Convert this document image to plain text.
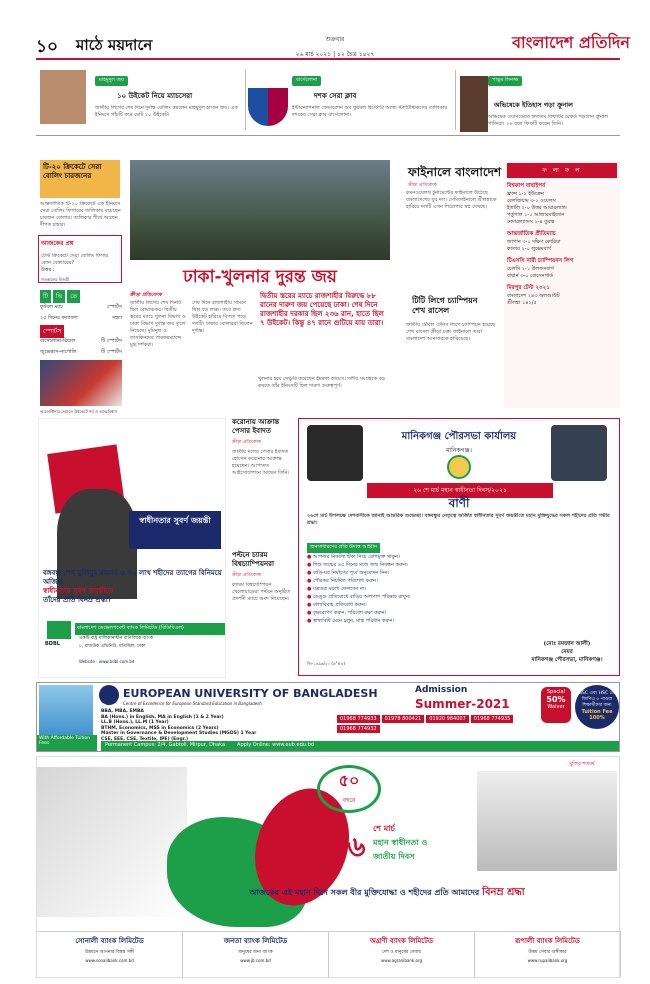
১০ মাঠে ময়দানে	শুক্রবার
২৬ মার্চ ২০২১ | ১২ চৈত্র ১৪২৭
বাংলাদেশ প্রতিদিন
মাহমুদুল জয়
১০ উইকেট নিয়ে ম্যাচসেরা
জাতীয় লিগের শেষ দিনে দুর্দান্ত বোলিং করলেন মাহমুদুল হাসান জয়। এক ইনিংসে পাঁচটি করে মোট ১০ উইকেট।
বার্সেলোনা
দশক সেরা ক্লাব
ইন্টারন্যাশনাল ফেডারেশন অব ফুটবল হিস্টোরি অ্যান্ড স্ট্যাটিস্টিকসের তালিকায় দশকের সেরা ক্লাব বার্সেলোনা।
পাভুম লিনজ্জ
অভিষেকে ইতিহাস গড়া ক্রুনাল
অভিষেক ওয়ানডেতে দ্রুততম ফিফটির রেকর্ড গড়লেন ক্রুনাল পান্ডিয়া। ২৬ বলে ফিফটি করেন তিনি।
টি-২০ ক্রিকেটে সেরা বোলিং চারজনের
আন্তর্জাতিক টি-২০ ক্রিকেটে এক ইনিংসে সেরা বোলিং ফিগারের তালিকায় রয়েছেন চারজন বোলার। তালিকার শীর্ষে আছেন দীপক চাহার।
আজকের প্রশ্ন
টেস্ট ক্রিকেটে সেরা বোলিং ফিগার কোন বোলারের?
উত্তর :
গতকালের বিজয়ী
টি ভি তে
ফুটবল ম্যাচ	স্পোর্টস
২৫ দিনের ফলাফল	সন্ধ্যা
স্পোর্টস
বার্সেলোনা-রিয়াল	টি স্পোর্টস
জুভেন্তাস-নাপোলি	টি স্পোর্টস
আর্জেন্টিনার দেয়ালে উইকেটে গর্ব ও আত্মবিশ্বাস
ঢাকা-খুলনার দুরন্ত জয়
ক্রীড়া প্রতিবেদক
জাতীয় লিগের শেষ দিনটি ছিল রোমাঞ্চকর। দ্বিতীয় স্তরের ম্যাচে খুলনা বিভাগ ও ঢাকা বিভাগ দুর্দান্ত জয় তুলে নিয়েছে। মুমিনুল ও তাসকিনদের পারফরম্যান্সে মুগ্ধ দর্শকরা।
শেষ দিনে রাজশাহীর সামনে ছিল বড় লক্ষ্য। তবে দ্রুত উইকেট হারিয়ে বিপদে পড়ে দলটি। ঢাকার বোলাররা ছিলেন দুর্দান্ত।
দ্বিতীয় স্তরের ম্যাচে রাজশাহীর বিরুদ্ধে ৮৮ রানের দারুণ জয় পেয়েছে ঢাকা। শেষ দিনে রাজশাহীর দরকার ছিল ২৩৬ রান, হাতে ছিল ৭ উইকেট। কিন্তু ৪৭ রানে গুটিয়ে যায় তারা।
খুলনার হয়ে সেঞ্চুরি করেছেন ইমরুল কায়েস। দলীয় সংগ্রহকে বড় করতে তাঁর ইনিংসটি ছিল দারুণ গুরুত্বপূর্ণ।
ফাইনালে বাংলাদেশ
ক্রীড়া প্রতিবেদক
কমনওয়েলথ টুর্নামেন্টের ফাইনালে উঠেছে বাংলাদেশের যুব দল। সেমিফাইনালে শ্রীলঙ্কাকে হারিয়ে দলটি এখন শিরোপার স্বপ্ন দেখছে।
টিটি লিগে চ্যাম্পিয়ন শেখ রাসেল
জাতীয় টেবিল টেনিস লিগে চ্যাম্পিয়ন হয়েছে শেখ রাসেল ক্রীড়া চক্র। ফাইনালে তারা বাংলাদেশ আনসারকে হারিয়েছে।
ফ লা ফ ল
বিশ্বকাপ বাছাইপর্ব
ফ্রান্স ১-১ ইউক্রেন
বেলজিয়াম ৩-১ ওয়েলস
ইতালি ২-০ উত্তর আয়ারল্যান্ড
পর্তুগাল ১-০ আজারবাইজান
নেদারল্যান্ডস ২-৪ তুরস্ক
আন্তর্জাতিক প্রীতিম্যাচ
জাপান ৩-০ দক্ষিণ কোরিয়া
কাতার ২-০ লুক্সেমবার্গ
টিএসসি নারী চ্যাম্পিয়নস লিগ
চেলসি ২-১ উলফসবার্গ
বায়ার্ন ৩-০ রোসেনগার্ড
মিরপুর টেস্ট ২০২১
বাংলাদেশ ২৪৩ অলআউট
শ্রীলঙ্কা ১৪১/৫
স্বাধীনতার সুবর্ণ জয়ন্তী
বঙ্গবন্ধু শেখ মুজিবুর রহমান ও ৩০ লাখ শহীদের ত্যাগের বিনিময়ে অর্জিত
স্বাধীনতার সুবর্ণ জয়ন্তীতে
তাঁদের প্রতি বিনম্র শ্রদ্ধা।
BDBL
বাংলাদেশ ডেভেলপমেন্ট ব্যাংক লিমিটেড (বিডিবিএল)
একটি রাষ্ট্র মালিকানাধীন বাণিজ্যিক ব্যাংক
৮, রাজউক এভিনিউ, মতিঝিল, ঢাকা
Website : www.bdbl.com.bd
করোনায় আক্রান্ত পেসার ইবাদত
ক্রীড়া প্রতিবেদক
জাতীয় দলের পেসার ইবাদত হোসেন করোনায় আক্রান্ত হয়েছেন। আপাতত আইসোলেশনে আছেন তিনি।
পল্টনে চ্যারম বিশ্বচ্যাম্পিয়নরা
ক্রীড়া প্রতিবেদক
ক্যারম বিশ্বচ্যাম্পিয়ন খেলোয়াড়েরা পল্টনে অনুষ্ঠিত প্রদর্শনী ম্যাচে অংশ নিয়েছেন।
মানিকগঞ্জ পৌরসভা কার্যালয়
মানিকগঞ্জ।
২৬ শে মার্চ মহান স্বাধীনতা দিবস/২০২১
বাণী
২৬শে মার্চ উপলক্ষে দেশবাসীকে জানাই আন্তরিক শুভেচ্ছা। বঙ্গবন্ধুর নেতৃত্বে অর্জিত স্বাধীনতার সুবর্ণ জয়ন্তীতে মহান মুক্তিযুদ্ধের সকল শহীদের প্রতি গভীর শ্রদ্ধা।
জনসাধারণের প্রতি উদাত্ত আহ্বান
● আপনার নিকটস্থ টিকা নিয়ে রোগমুক্ত থাকুন।
● শিশু জন্মের ৪৫ দিনের মধ্যে জন্ম নিবন্ধন করুন।
● বাড়ি-ঘর নির্মাণের পূর্বে অনুমোদন নিন।
● পৌরকর নিয়মিত পরিশোধ করুন।
● যত্রতত্র ময়লা ফেলবেন না।
● ডেঙ্গু প্রতিরোধে বাড়ির আশপাশ পরিষ্কার রাখুন।
● বাল্যবিবাহ প্রতিরোধ করুন।
● বৃক্ষরোপণ করুন, পরিবেশ রক্ষা করুন।
● স্বাস্থ্যবিধি মেনে চলুন, মাস্ক পরিধান করুন।
(মোঃ রমজান আলী)
মেয়র
মানিকগঞ্জ পৌরসভা, মানিকগঞ্জ।
জি-১৪৯৬/২০ (৩"×৪)
With Affordable Tuition Fees
EUROPEAN UNIVERSITY OF BANGLADESH
Centre of Excellence for European Standard Education in Bangladesh
BBA, MBA, EMBA
BA (Hons.) in English, MA in English (1 & 2 Year)
LL.B (Hons.), LL.M (1 Year)
BTHM, Economics, MSS in Economics (2 Years)
Master in Governance & Development Studies (MGDS) 1 Year
CSE, EEE, CSE, Textile, IPE) (Engr.)
Admission
Summer-2021
01968 774933	01978 800421	01920 984007	01968 774935
01968 774932
Special
50%
Waiver
SSC এবং HSC তে জিপিএ ৫ পাওয়া শিক্ষার্থীদের জন্য
Tuition Fee 100%
Permanent Campus: 2/4, Gabtoli, Mirpur, Dhaka Apply Online: www.eub.edu.bd
৫০
বছরে
২৬
শে মার্চ
মহান স্বাধীনতা ও
জাতীয় দিবস
মুজিব শতবর্ষ
আজকের এই মহান দিনে সকল বীর মুক্তিযোদ্ধা ও শহীদের প্রতি আমাদের বিনম্র শ্রদ্ধা
সোনালী ব্যাংক লিমিটেড
উন্নয়নে আপনার বিশ্বস্ত সঙ্গী
www.sonalibank.com.bd
জনতা ব্যাংক লিমিটেড
মানুষের জন্য ব্যাংক
www.jb.com.bd
অগ্রণী ব্যাংক লিমিটেড
দেশ ও মানুষের সেবায়
www.agranibank.org
রূপালী ব্যাংক লিমিটেড
উত্তম সেবার অঙ্গীকার
www.rupalibank.org
